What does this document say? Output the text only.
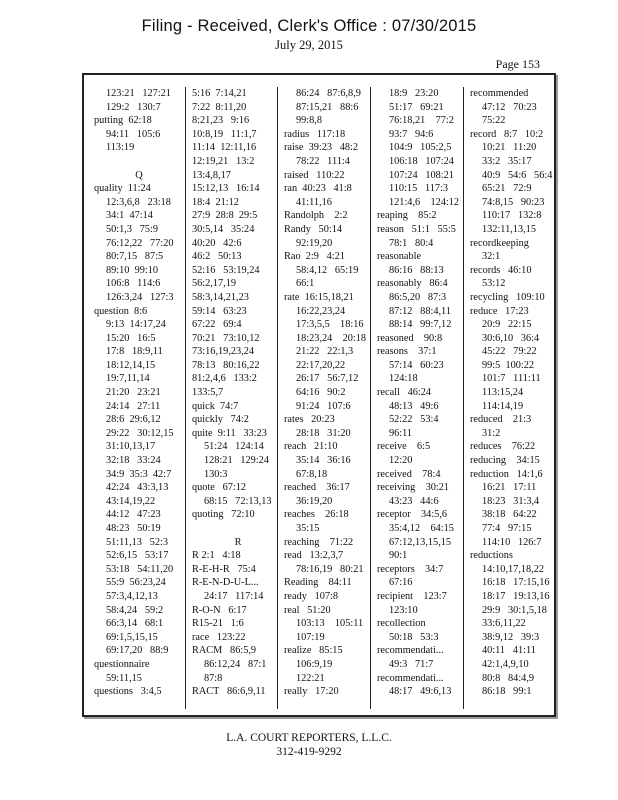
Filing - Received, Clerk's Office : 07/30/2015
July 29, 2015
Page 153
123:21   127:21
129:2   130:7
putting  62:18
94:11   105:6
113:19

Q
quality  11:24
12:3,6,8   23:18
34:1  47:14
50:1,3   75:9
76:12,22   77:20
80:7,15   87:5
89:10  99:10
106:8   114:6
126:3,24   127:3
question  8:6
9:13  14:17,24
15:20   16:5
17:8   18:9,11
18:12,14,15
19:7,11,14
21:20   23:21
24:14   27:11
28:6  29:6,12
29:22   30:12,15
31:10,13,17
32:18   33:24
34:9  35:3  42:7
42:24   43:3,13
43:14,19,22
44:12   47:23
48:23   50:19
51:11,13   52:3
52:6,15   53:17
53:18   54:11,20
55:9  56:23,24
57:3,4,12,13
58:4,24   59:2
66:3,14   68:1
69:1,5,15,15
69:17,20   88:9
questionnaire
59:11,15
questions   3:4,5
5:16  7:14,21
7:22  8:11,20
8:21,23   9:16
10:8,19   11:1,7
11:14  12:11,16
12:19,21   13:2
13:4,8,17
15:12,13   16:14
18:4  21:12
27:9  28:8  29:5
30:5,14   35:24
40:20   42:6
46:2   50:13
52:16   53:19,24
56:2,17,19
58:3,14,21,23
59:14   63:23
67:22   69:4
70:21   73:10,12
73:16,19,23,24
78:13   80:16,22
81:2,4,6   133:2
133:5,7
quick  74:7
quickly   74:2
quite  9:11   33:23
51:24   124:14
128:21   129:24
130:3
quote   67:12
68:15   72:13,13
quoting   72:10

R
R 2:1   4:18
R-E-H-R   75:4
R-E-N-D-U-L...
24:17   117:14
R-O-N   6:17
R15-21   1:6
race   123:22
RACM   86:5,9
86:12,24   87:1
87:8
RACT   86:6,9,11
86:24   87:6,8,9
87:15,21   88:6
99:8,8
radius   117:18
raise  39:23   48:2
78:22   111:4
raised   110:22
ran  40:23   41:8
41:11,16
Randolph    2:2
Randy   50:14
92:19,20
Rao  2:9   4:21
58:4,12   65:19
66:1
rate  16:15,18,21
16:22,23,24
17:3,5,5    18:16
18:23,24    20:18
21:22   22:1,3
22:17,20,22
26:17   56:7,12
64:16   90:2
91:24   107:6
rates   20:23
28:18   31:20
reach   21:10
35:14   36:16
67:8,18
reached    36:17
36:19,20
reaches    26:18
35:15
reaching    71:22
read   13:2,3,7
78:16,19   80:21
Reading    84:11
ready   107:8
real   51:20
103:13    105:11
107:19
realize   85:15
106:9,19
122:21
really   17:20
18:9   23:20
51:17   69:21
76:18,21    77:2
93:7   94:6
104:9   105:2,5
106:18   107:24
107:24   108:21
110:15   117:3
121:4,6    124:12
reaping    85:2
reason   51:1   55:5
78:1   80:4
reasonable
86:16   88:13
reasonably   86:4
86:5,20   87:3
87:12   88:4,11
88:14   99:7,12
reasoned    90:8
reasons    37:1
57:14   60:23
124:18
recall   46:24
48:13   49:6
52:22   53:4
96:11
receive    6:5
12:20
received    78:4
receiving    30:21
43:23   44:6
receptor    34:5,6
35:4,12    64:15
67:12,13,15,15
90:1
receptors    34:7
67:16
recipient    123:7
123:10
recollection
50:18   53:3
recommendati...
49:3   71:7
recommendati...
48:17   49:6,13
recommended
47:12   70:23
75:22
record   8:7   10:2
10:21   11:20
33:2   35:17
40:9   54:6   56:4
65:21   72:9
74:8,15   90:23
110:17   132:8
132:11,13,15
recordkeeping
32:1
records   46:10
53:12
recycling   109:10
reduce   17:23
20:9   22:15
30:6,10   36:4
45:22   79:22
99:5  100:22
101:7   111:11
113:15,24
114:14,19
reduced    21:3
31:2
reduces    76:22
reducing    34:15
reduction   14:1,6
16:21   17:11
18:23   31:3,4
38:18   64:22
77:4   97:15
114:10   126:7
reductions
14:10,17,18,22
16:18   17:15,16
18:17   19:13,16
29:9   30:1,5,18
33:6,11,22
38:9,12   39:3
40:11   41:11
42:1,4,9,10
80:8   84:4,9
86:18   99:1
L.A. COURT REPORTERS, L.L.C.
312-419-9292
